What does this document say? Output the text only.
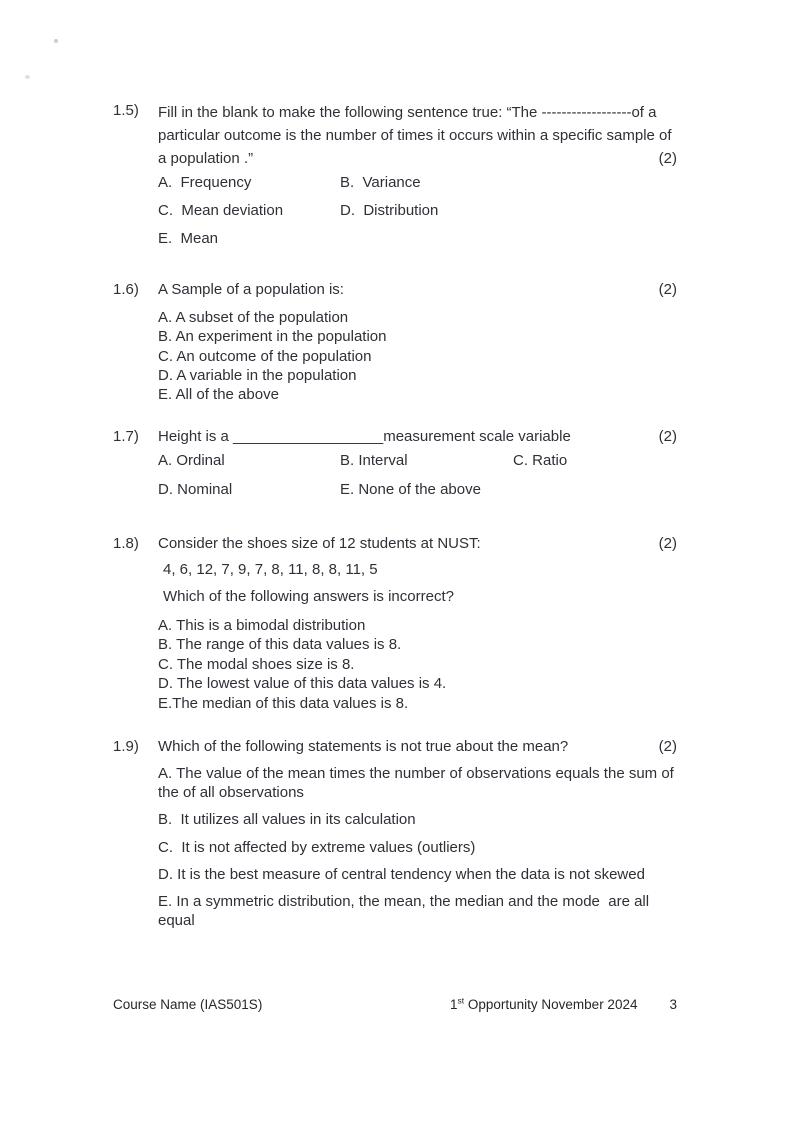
1.5)	Fill in the blank to make the following sentence true: “The ------------------of a particular outcome is the number of times it occurs within a specific sample of a population .”	(2)
A.  Frequency	B.  Variance
C.  Mean deviation	D.  Distribution
E.  Mean
1.6)	A Sample of a population is:	(2)
A. A subset of the population
B. An experiment in the population
C. An outcome of the population
D. A variable in the population
E. All of the above
1.7)	Height is a __________________measurement scale variable	(2)
A. Ordinal	B. Interval	C. Ratio
D. Nominal	E. None of the above
1.8)	Consider the shoes size of 12 students at NUST:	(2)
4, 6, 12, 7, 9, 7, 8, 11, 8, 8, 11, 5
Which of the following answers is incorrect?
A. This is a bimodal distribution
B. The range of this data values is 8.
C. The modal shoes size is 8.
D. The lowest value of this data values is 4.
E.The median of this data values is 8.
1.9)	Which of the following statements is not true about the mean?	(2)
A. The value of the mean times the number of observations equals the sum of the of all observations
B.  It utilizes all values in its calculation
C.  It is not affected by extreme values (outliers)
D. It is the best measure of central tendency when the data is not skewed
E. In a symmetric distribution, the mean, the median and the mode  are all equal
Course Name (IAS501S)	1st Opportunity November 2024 3
